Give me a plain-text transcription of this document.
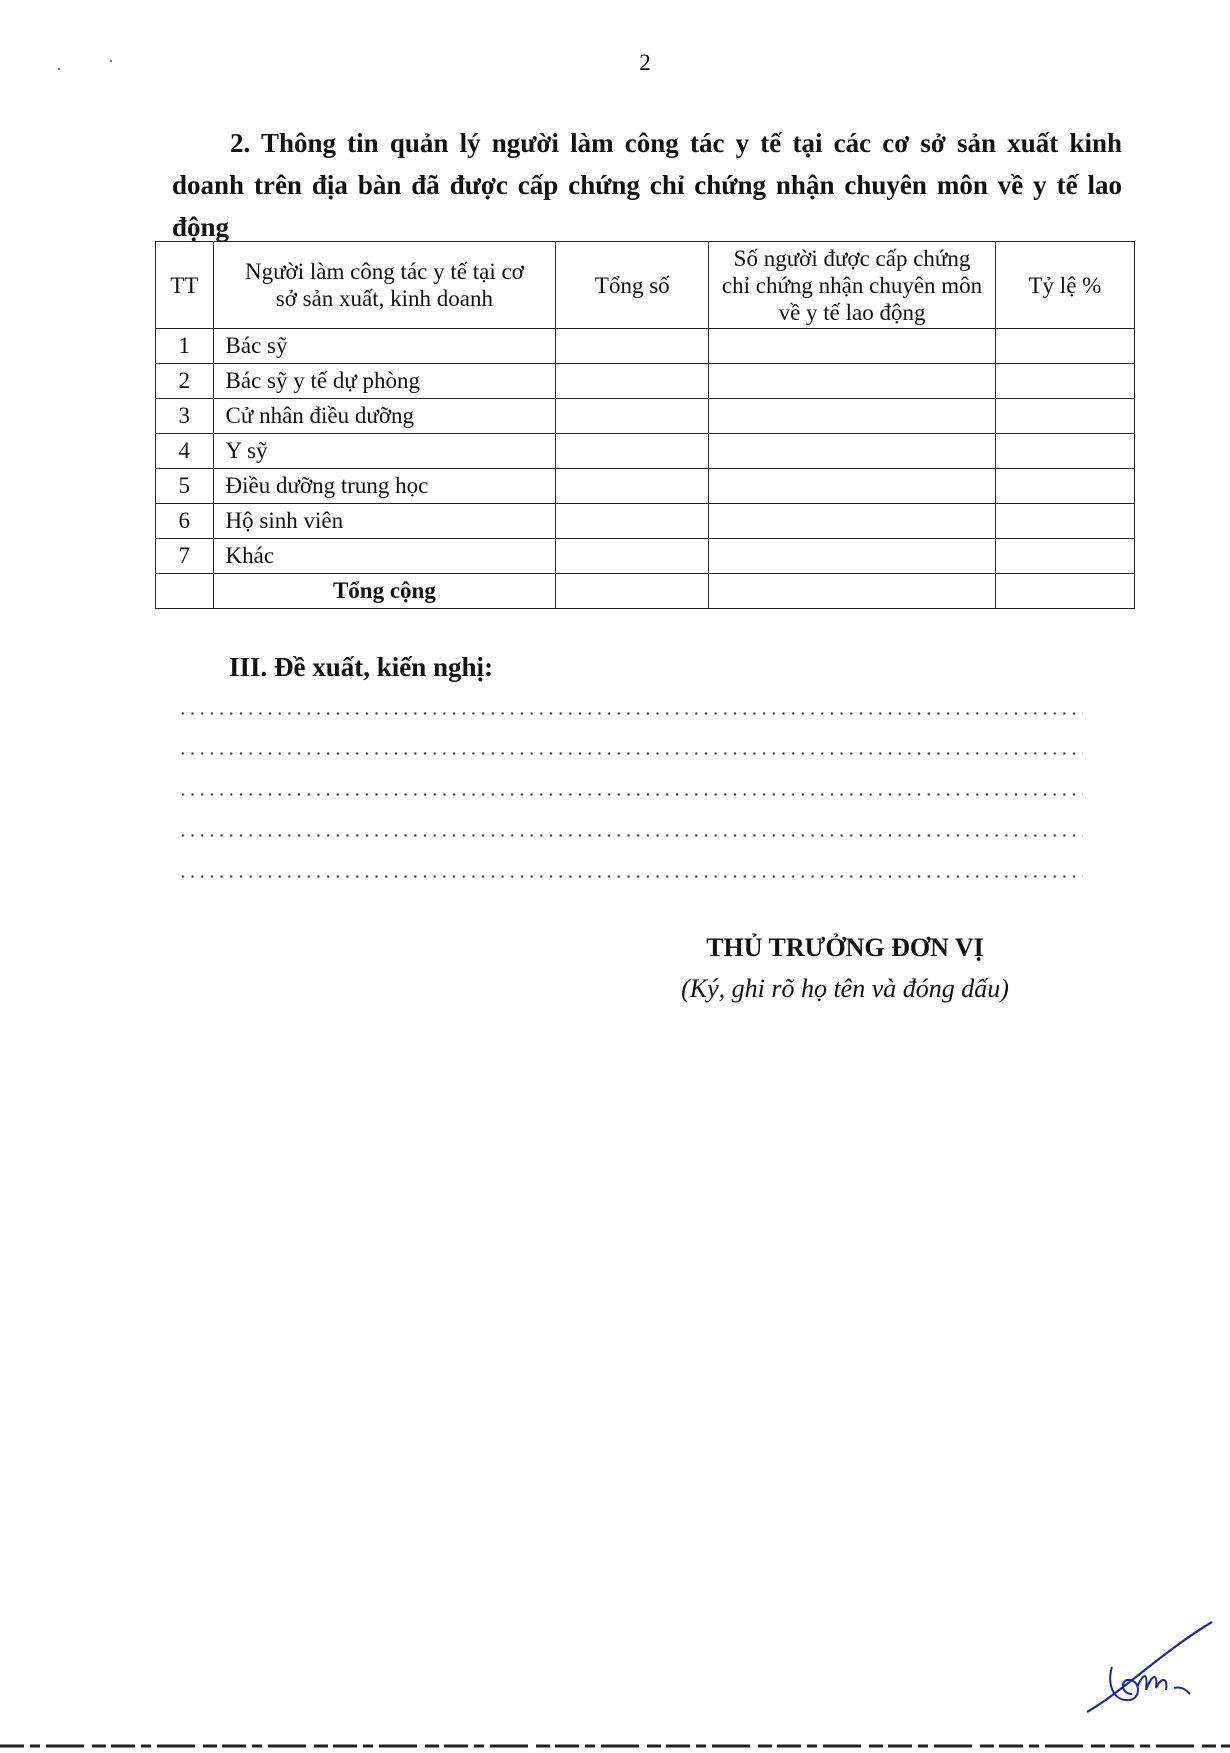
2
2. Thông tin quản lý người làm công tác y tế tại các cơ sở sản xuất kinh doanh trên địa bàn đã được cấp chứng chỉ chứng nhận chuyên môn về y tế lao động
TT	Người làm công tác y tế tại cơ sở sản xuất, kinh doanh	Tổng số	Số người được cấp chứng chỉ chứng nhận chuyên môn về y tế lao động	Tỷ lệ %
1	Bác sỹ			
2	Bác sỹ y tế dự phòng			
3	Cử nhân điều dưỡng			
4	Y sỹ			
5	Điều dưỡng trung học			
6	Hộ sinh viên			
7	Khác			
	Tổng cộng			
III. Đề xuất, kiến nghị:
THỦ TRƯỞNG ĐƠN VỊ
(Ký, ghi rõ họ tên và đóng dấu)
